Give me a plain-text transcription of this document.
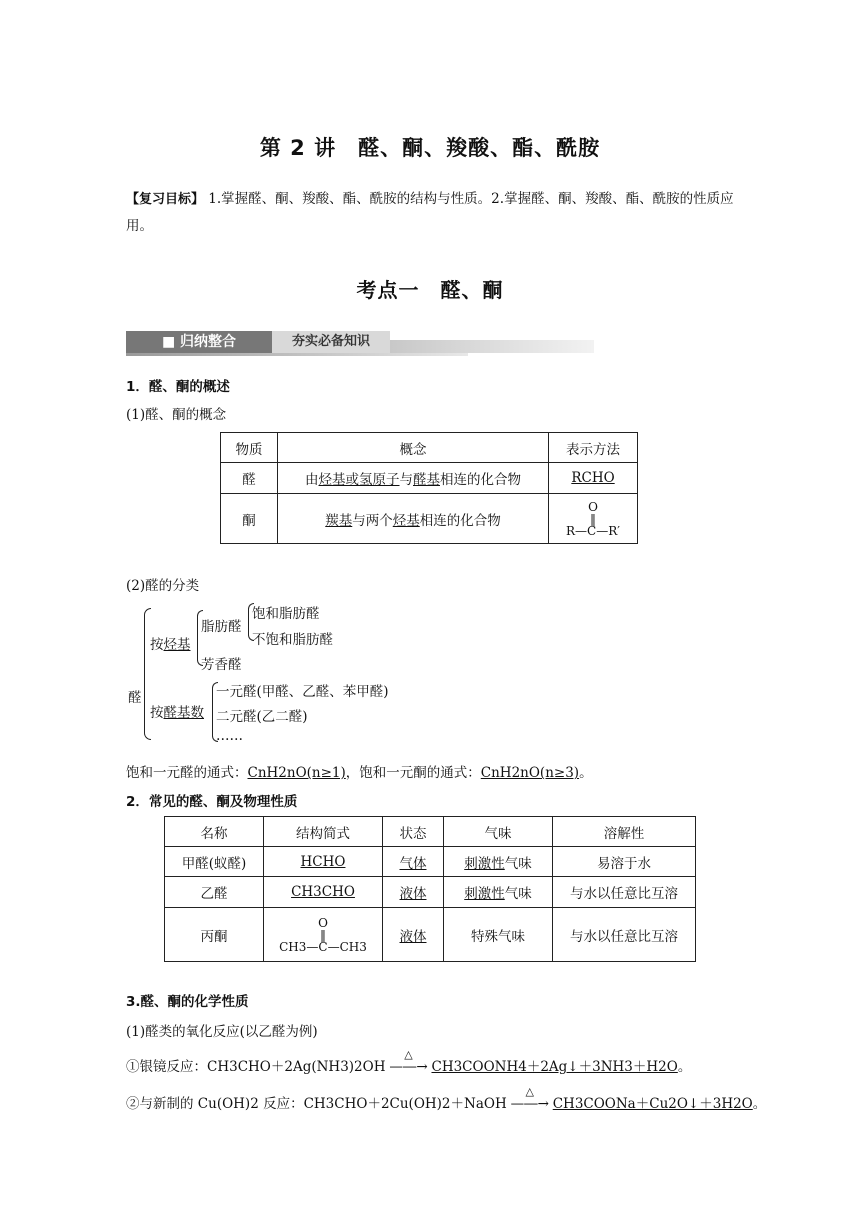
第 2 讲　醛、酮、羧酸、酯、酰胺
【复习目标】 1.掌握醛、酮、羧酸、酯、酰胺的结构与性质。2.掌握醛、酮、羧酸、酯、酰胺的性质应用。
考点一　醛、酮
■ 归纳整合	夯实必备知识
1．醛、酮的概述
(1)醛、酮的概念
物质	概念	表示方法
醛	由烃基或氢原子与醛基相连的化合物	RCHO
酮	羰基与两个烃基相连的化合物	O
‖
R—C—R′
(2)醛的分类
醛
按烃基
脂肪醛
饱和脂肪醛
不饱和脂肪醛
芳香醛
按醛基数
一元醛(甲醛、乙醛、苯甲醛)
二元醛(乙二醛)
……
饱和一元醛的通式：CnH2nO(n≥1)，饱和一元酮的通式：CnH2nO(n≥3)。
2．常见的醛、酮及物理性质
名称	结构简式	状态	气味	溶解性
甲醛(蚁醛)	HCHO	气体	刺激性气味	易溶于水
乙醛	CH3CHO	液体	刺激性气味	与水以任意比互溶
丙酮	O
‖
CH3—C—CH3	液体	特殊气味	与水以任意比互溶
3.醛、酮的化学性质
(1)醛类的氧化反应(以乙醛为例)
①银镜反应：CH3CHO＋2Ag(NH3)2OH
△
—―→ CH3COONH4＋2Ag↓＋3NH3＋H2O。
②与新制的 Cu(OH)2 反应：CH3CHO＋2Cu(OH)2＋NaOH
△
—―→ CH3COONa＋Cu2O↓＋3H2O。
